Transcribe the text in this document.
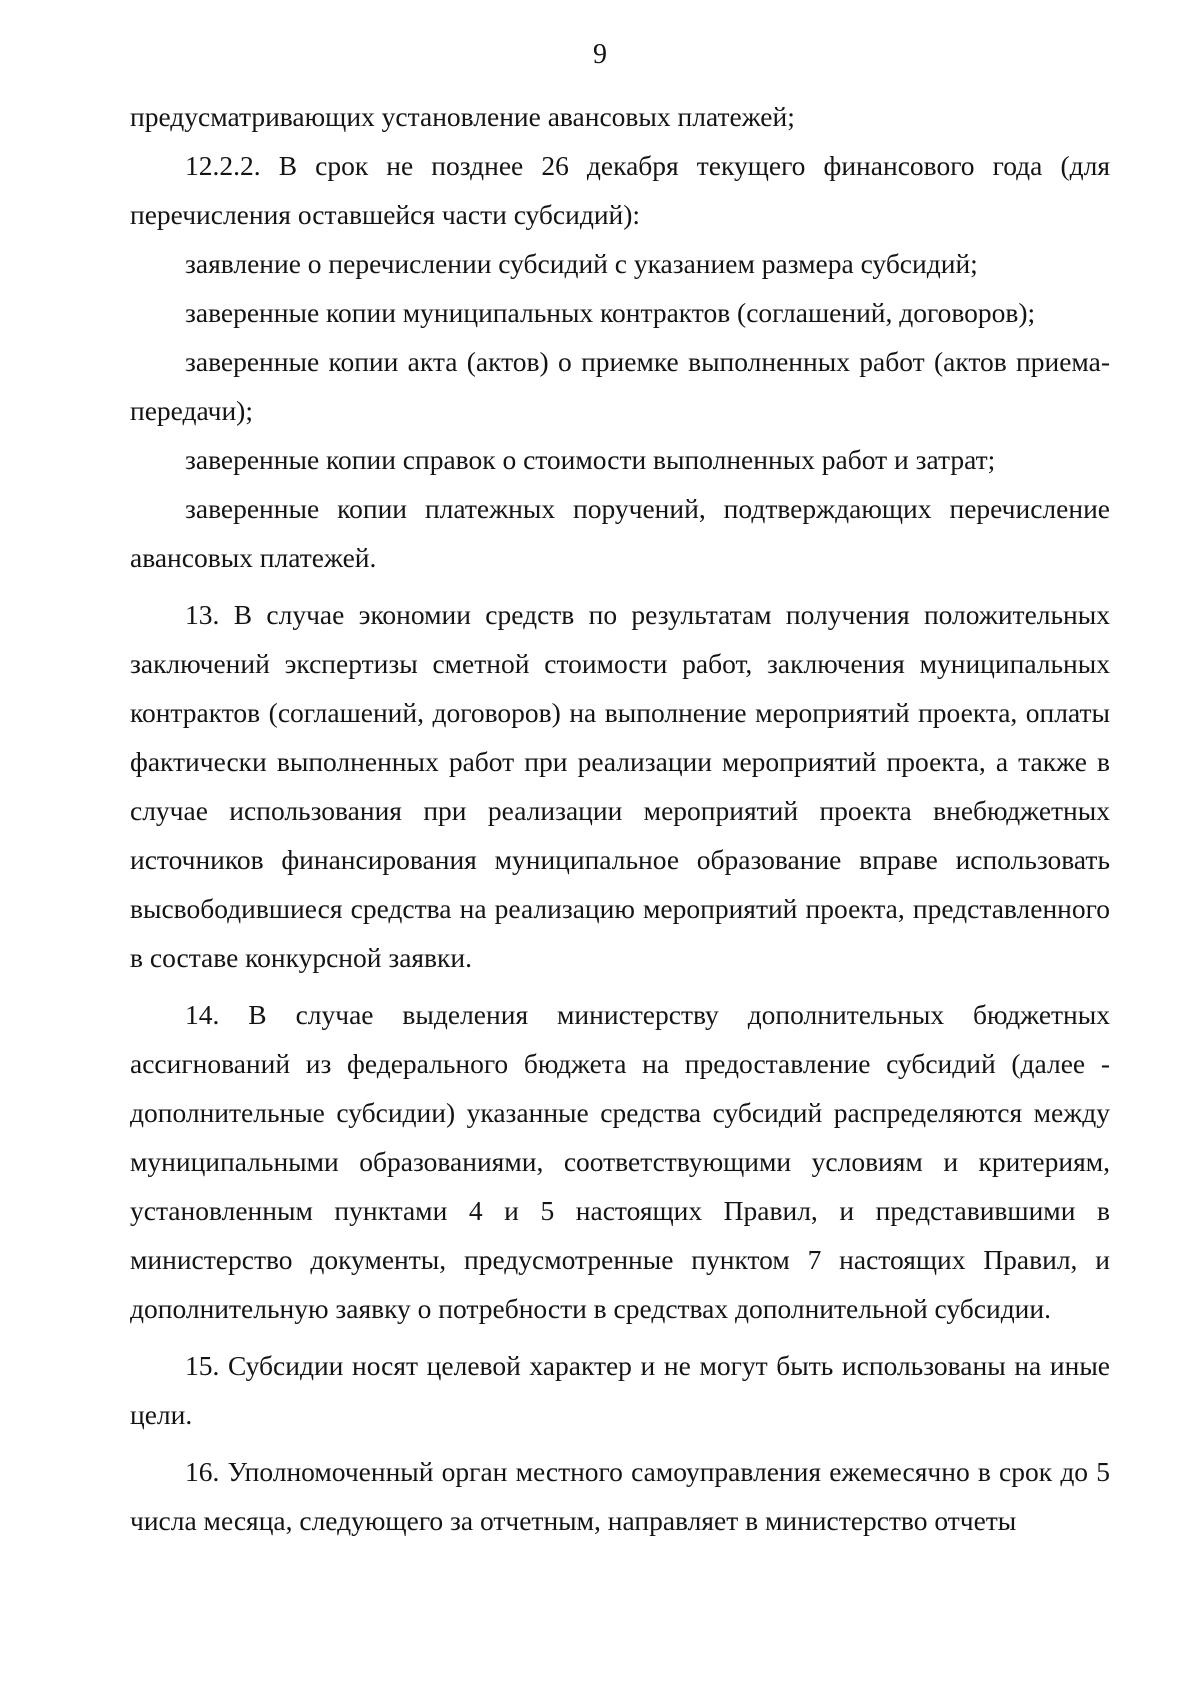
9

предусматривающих установление авансовых платежей;

12.2.2. В срок не позднее 26 декабря текущего финансового года (для перечисления оставшейся части субсидий):

заявление о перечислении субсидий с указанием размера субсидий;

заверенные копии муниципальных контрактов (соглашений, договоров);

заверенные копии акта (актов) о приемке выполненных работ (актов приема-передачи);

заверенные копии справок о стоимости выполненных работ и затрат;

заверенные копии платежных поручений, подтверждающих перечисление авансовых платежей.

13. В случае экономии средств по результатам получения положительных заключений экспертизы сметной стоимости работ, заключения муниципальных контрактов (соглашений, договоров) на выполнение мероприятий проекта, оплаты фактически выполненных работ при реализации мероприятий проекта, а также в случае использования при реализации мероприятий проекта внебюджетных источников финансирования муниципальное образование вправе использовать высвободившиеся средства на реализацию мероприятий проекта, представленного в составе конкурсной заявки.

14. В случае выделения министерству дополнительных бюджетных ассигнований из федерального бюджета на предоставление субсидий (далее - дополнительные субсидии) указанные средства субсидий распределяются между муниципальными образованиями, соответствующими условиям и критериям, установленным пунктами 4 и 5 настоящих Правил, и представившими в министерство документы, предусмотренные пунктом 7 настоящих Правил, и дополнительную заявку о потребности в средствах дополнительной субсидии.

15. Субсидии носят целевой характер и не могут быть использованы на иные цели.

16. Уполномоченный орган местного самоуправления ежемесячно в срок до 5 числа месяца, следующего за отчетным, направляет в министерство отчеты
